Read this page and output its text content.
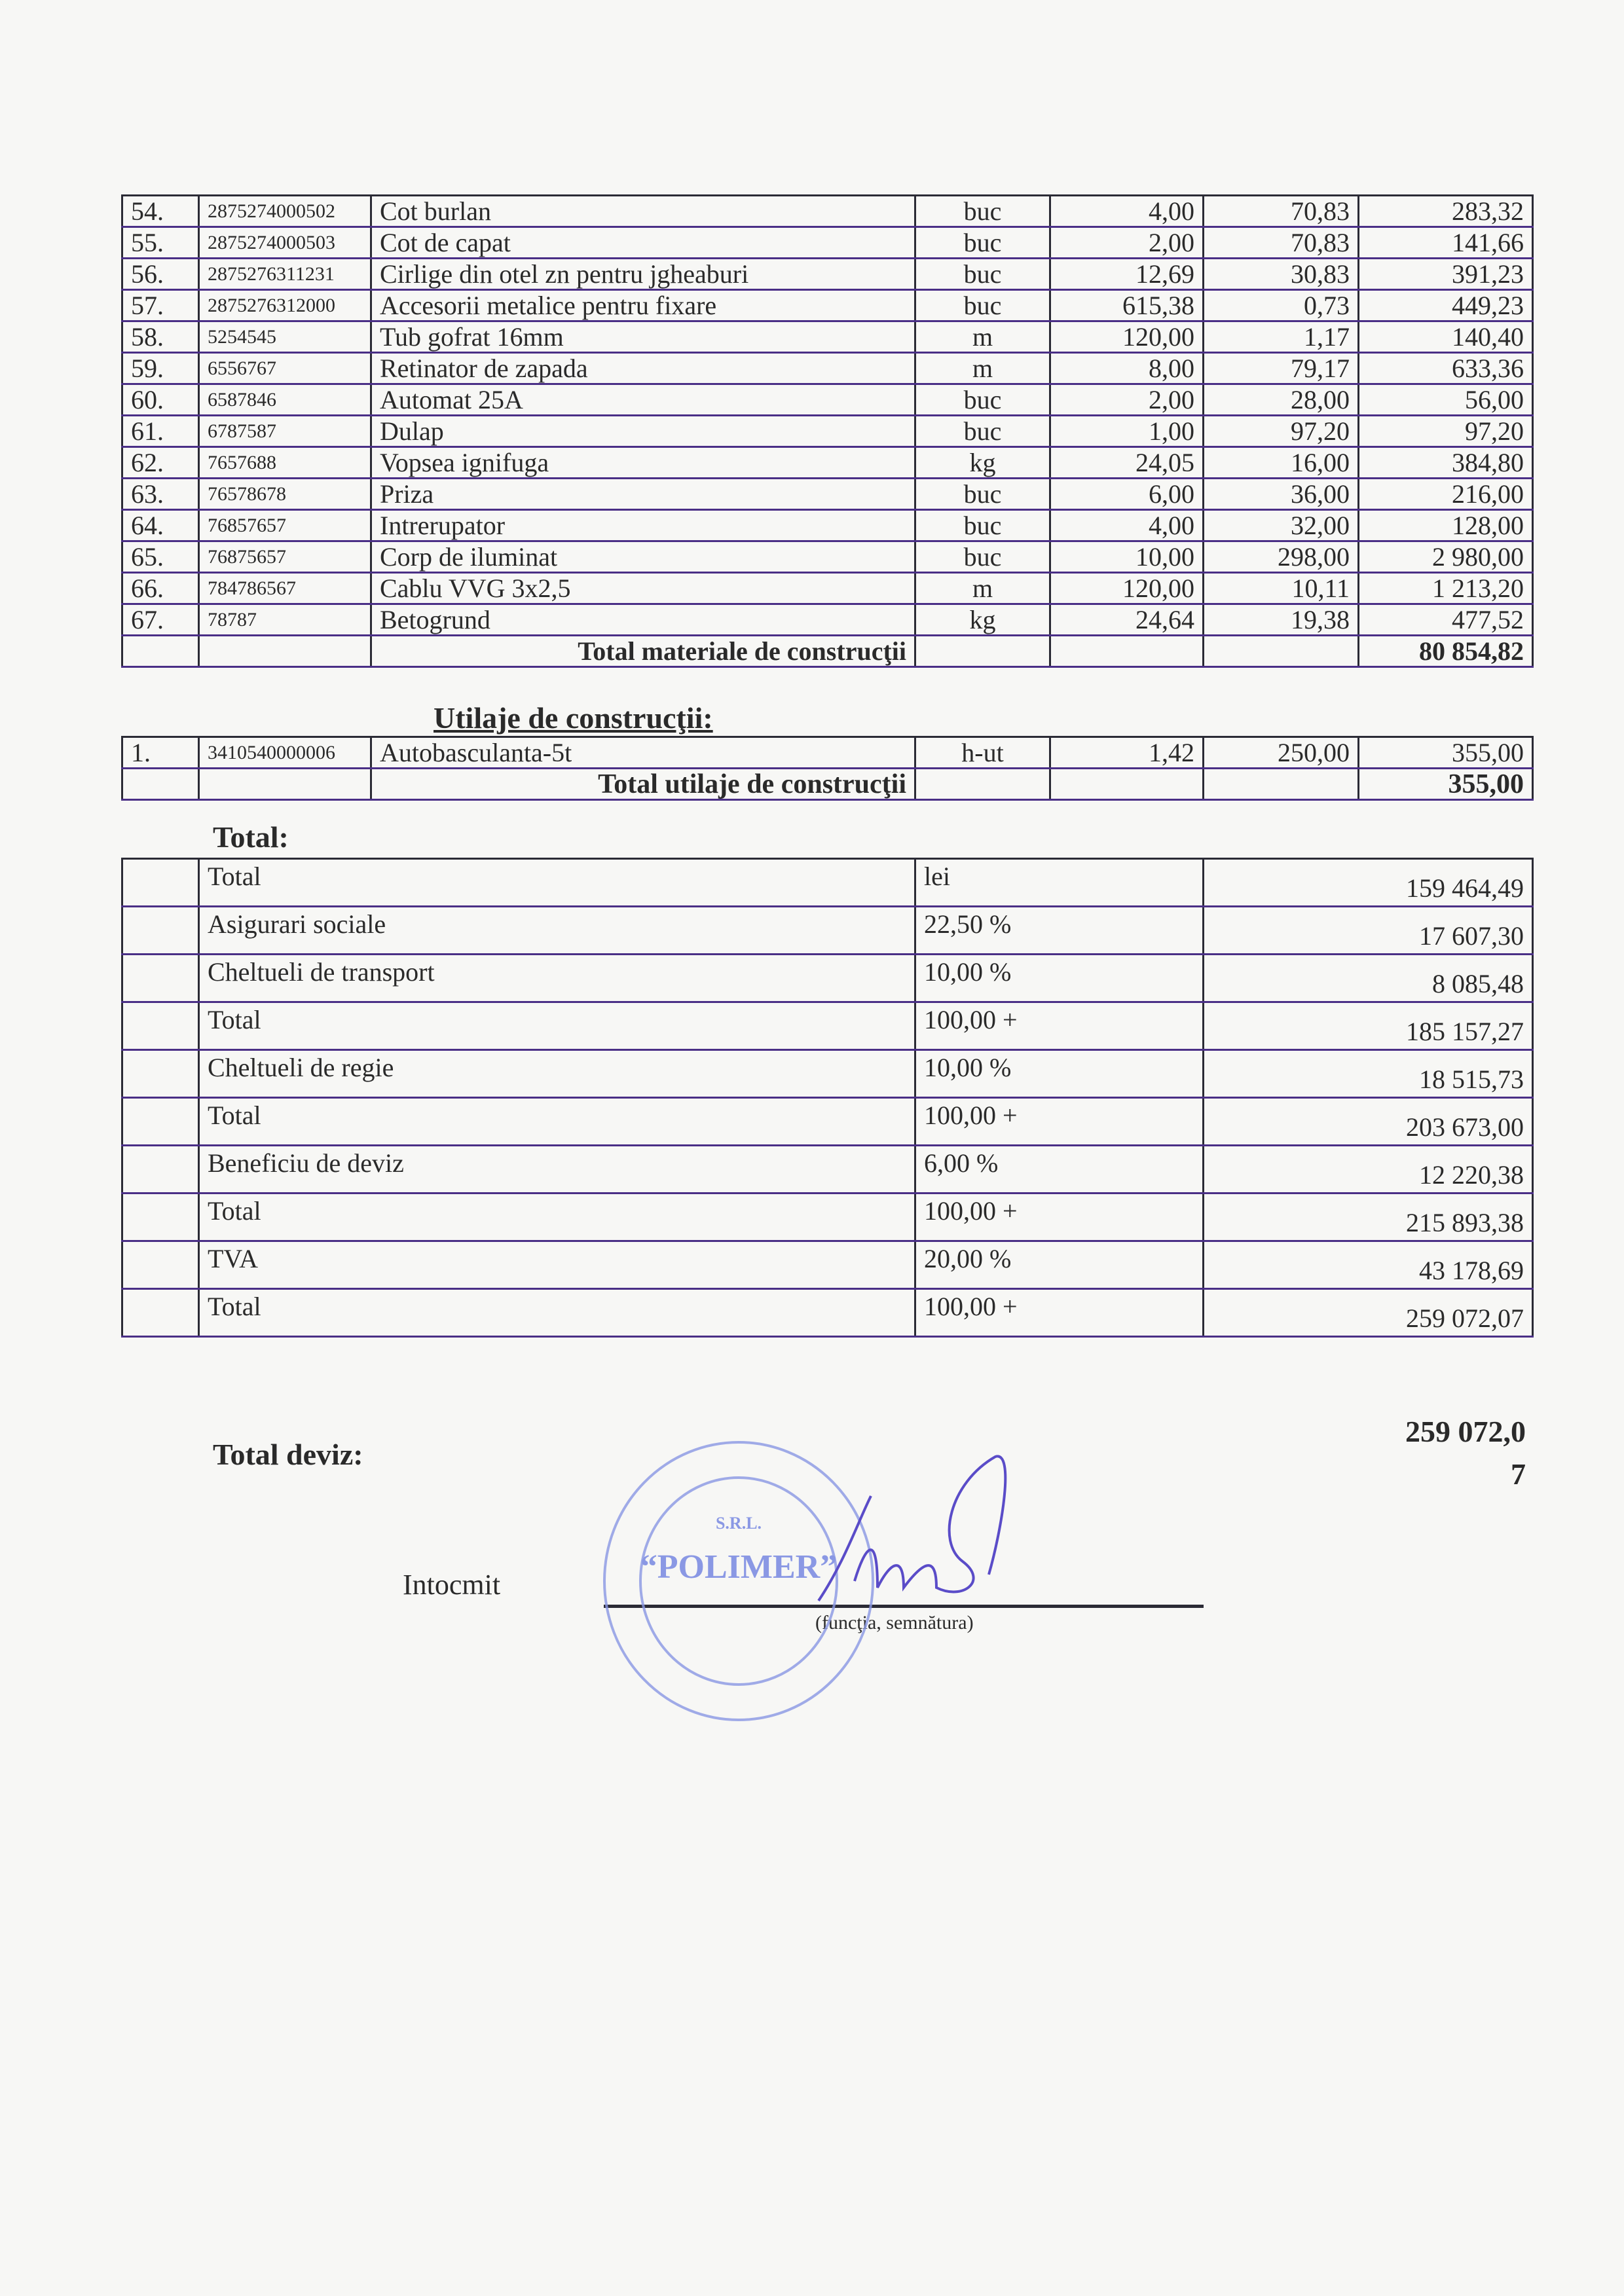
54.	2875274000502	Cot burlan	buc	4,00	70,83	283,32
55.	2875274000503	Cot de capat	buc	2,00	70,83	141,66
56.	2875276311231	Cirlige din otel zn pentru jgheaburi	buc	12,69	30,83	391,23
57.	2875276312000	Accesorii metalice pentru fixare	buc	615,38	0,73	449,23
58.	5254545	Tub gofrat 16mm	m	120,00	1,17	140,40
59.	6556767	Retinator de zapada	m	8,00	79,17	633,36
60.	6587846	Automat 25A	buc	2,00	28,00	56,00
61.	6787587	Dulap	buc	1,00	97,20	97,20
62.	7657688	Vopsea ignifuga	kg	24,05	16,00	384,80
63.	76578678	Priza	buc	6,00	36,00	216,00
64.	76857657	Intrerupator	buc	4,00	32,00	128,00
65.	76875657	Corp de iluminat	buc	10,00	298,00	2 980,00
66.	784786567	Cablu VVG 3x2,5	m	120,00	10,11	1 213,20
67.	78787	Betogrund	kg	24,64	19,38	477,52
		Total materiale de construcţii				80 854,82
Utilaje de construcţii:
1.	3410540000006	Autobasculanta-5t	h-ut	1,42	250,00	355,00
		Total utilaje de construcţii				355,00
Total:
	Total	lei	159 464,49
	Asigurari sociale	22,50 %	17 607,30
	Cheltueli de transport	10,00 %	8 085,48
	Total	100,00 +	185 157,27
	Cheltueli de regie	10,00 %	18 515,73
	Total	100,00 +	203 673,00
	Beneficiu de deviz	6,00 %	12 220,38
	Total	100,00 +	215 893,38
	TVA	20,00 %	43 178,69
	Total	100,00 +	259 072,07
Total deviz:
259 072,0
7
Intocmit
(funcţia, semnătura)
S.R.L.
“POLIMER”
